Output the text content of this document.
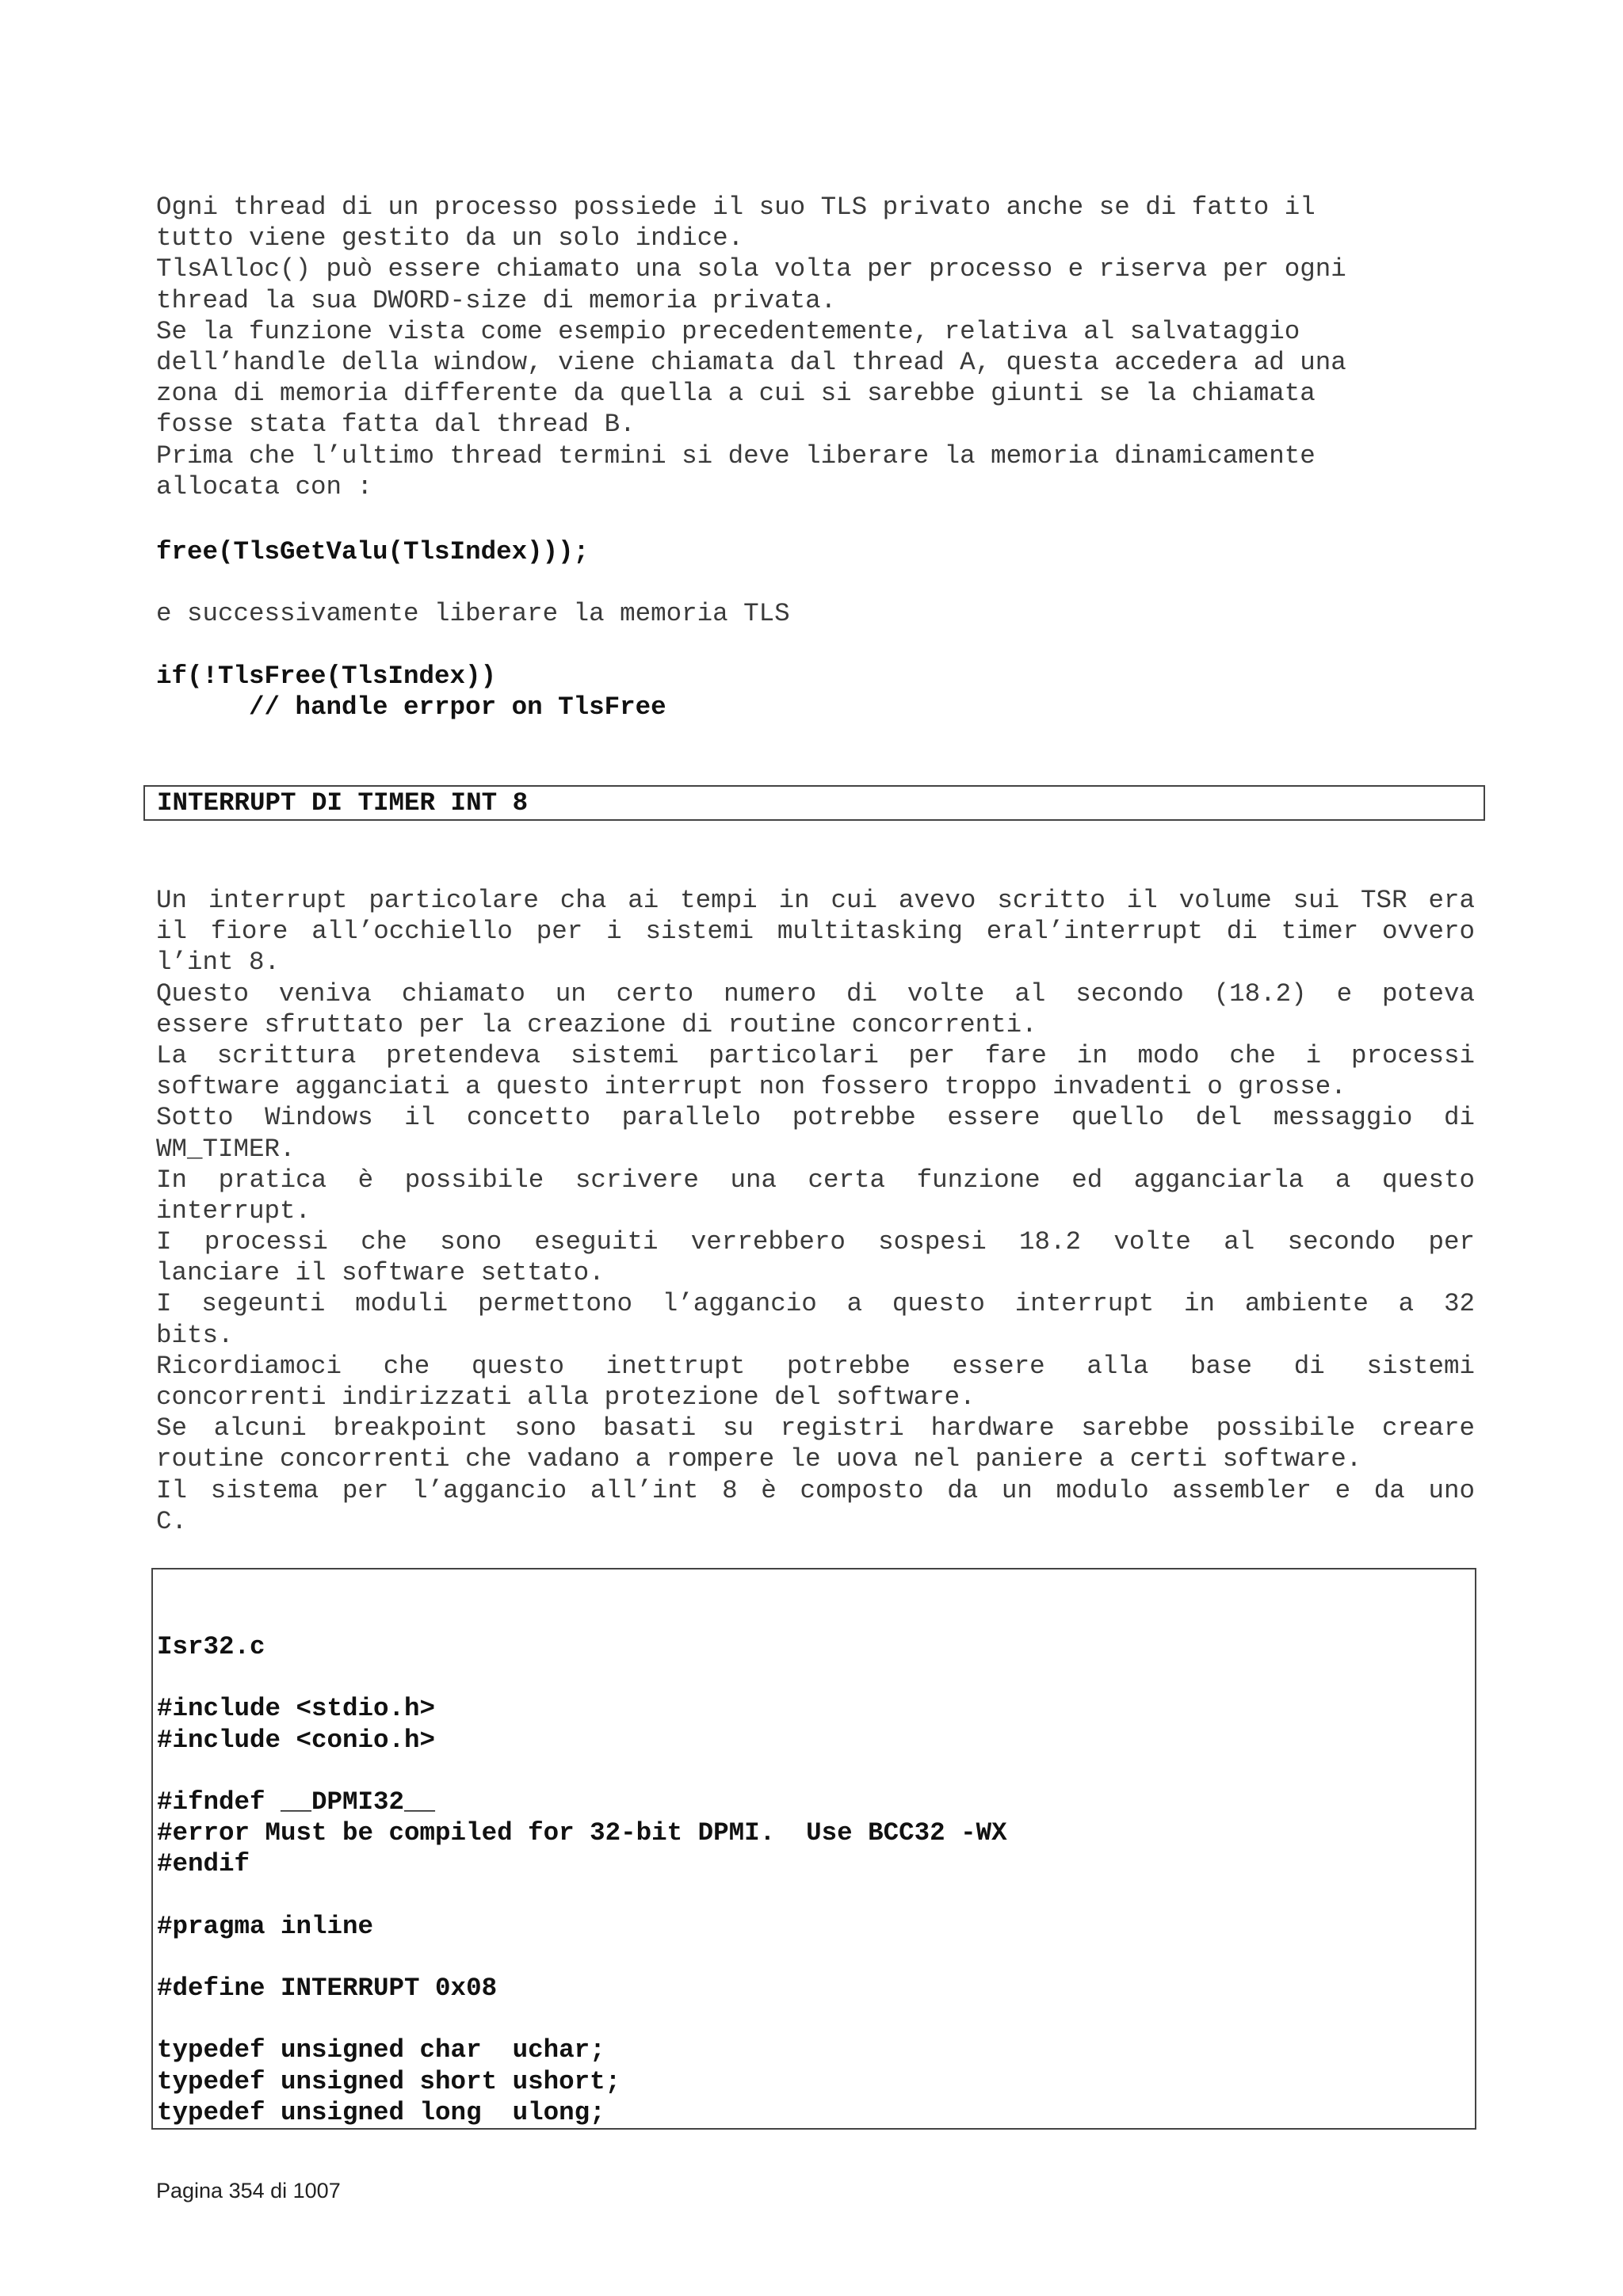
Ogni thread di un processo possiede il suo TLS privato anche se di fatto il
tutto viene gestito da un solo indice.
TlsAlloc() può essere chiamato una sola volta per processo e riserva per ogni
thread la sua DWORD-size di memoria privata.
Se la funzione vista come esempio precedentemente, relativa al salvataggio
dell’handle della window, viene chiamata dal thread A, questa accedera ad una
zona di memoria differente da quella a cui si sarebbe giunti se la chiamata
fosse stata fatta dal thread B.
Prima che l’ultimo thread termini si deve liberare la memoria dinamicamente
allocata con :
free(TlsGetValu(TlsIndex)));
e successivamente liberare la memoria TLS
if(!TlsFree(TlsIndex))
// handle errpor on TlsFree
INTERRUPT DI TIMER INT 8
Un interrupt particolare cha ai tempi in cui avevo scritto il volume sui TSR era
il fiore all’occhiello per i sistemi multitasking eral’interrupt di timer ovvero
l’int 8.
Questo veniva chiamato un certo numero di volte al secondo (18.2) e poteva
essere sfruttato per la creazione di routine concorrenti.
La scrittura pretendeva sistemi particolari per fare in modo che i processi
software agganciati a questo interrupt non fossero troppo invadenti o grosse.
Sotto Windows il concetto parallelo potrebbe essere quello del messaggio di
WM_TIMER.
In pratica è possibile scrivere una certa funzione ed agganciarla a questo
interrupt.
I processi che sono eseguiti verrebbero sospesi 18.2 volte al secondo per
lanciare il software settato.
I segeunti moduli permettono l’aggancio a questo interrupt in ambiente a 32
bits.
Ricordiamoci che questo inettrupt potrebbe essere alla base di sistemi
concorrenti indirizzati alla protezione del software.
Se alcuni breakpoint sono basati su registri hardware sarebbe possibile creare
routine concorrenti che vadano a rompere le uova nel paniere a certi software.
Il sistema per l’aggancio all’int 8 è composto da un modulo assembler e da uno
C.
Isr32.c
#include <stdio.h>
#include <conio.h>
#ifndef __DPMI32__
#error Must be compiled for 32-bit DPMI.  Use BCC32 -WX
#endif
#pragma inline
#define INTERRUPT 0x08
typedef unsigned char  uchar;
typedef unsigned short ushort;
typedef unsigned long  ulong;
Pagina 354 di 1007
